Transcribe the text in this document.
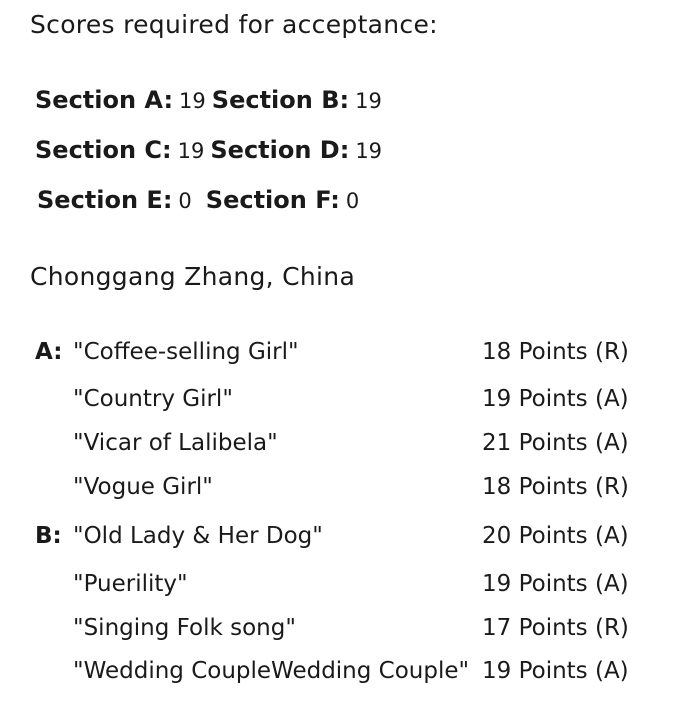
Scores required for acceptance:
Section A: 19 Section B: 19
Section C: 19 Section D: 19
Section E: 0 Section F: 0
Chonggang Zhang, China
A: "Coffee-selling Girl"	18 Points (R)
"Country Girl"	19 Points (A)
"Vicar of Lalibela"	21 Points (A)
"Vogue Girl"	18 Points (R)
B: "Old Lady & Her Dog"	20 Points (A)
"Puerility"	19 Points (A)
"Singing Folk song"	17 Points (R)
"Wedding CoupleWedding Couple" 19 Points (A)
